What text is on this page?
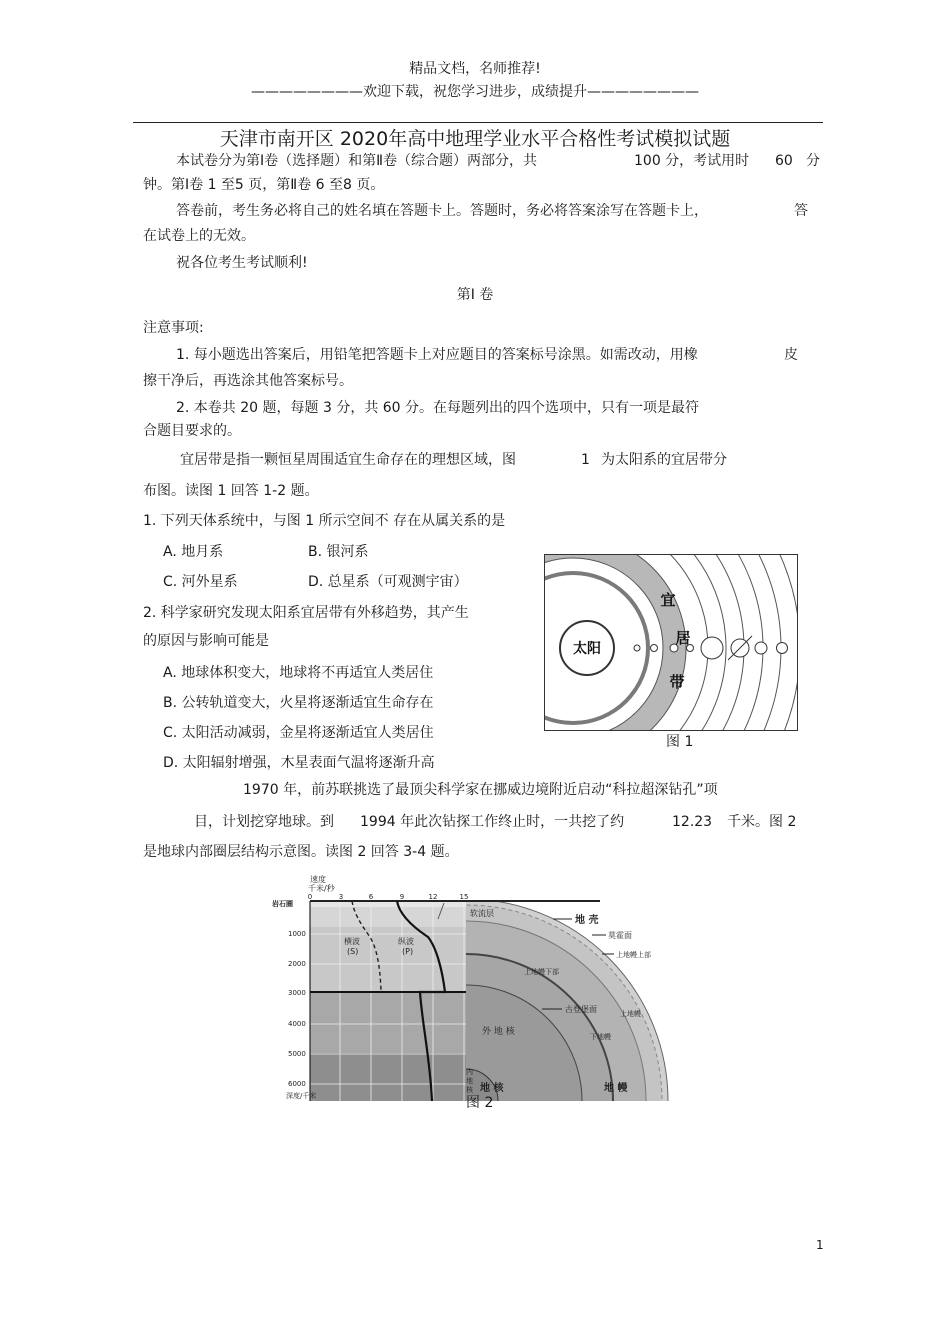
精品文档，名师推荐!
————————欢迎下载，祝您学习进步，成绩提升————————
天津市南开区 2020年高中地理学业水平合格性考试模拟试题
本试卷分为第Ⅰ卷（选择题）和第Ⅱ卷（综合题）两部分，共	100 分，考试用时 60 分
钟。第Ⅰ卷 1 至5 页，第Ⅱ卷 6 至8 页。
答卷前，考生务必将自己的姓名填在答题卡上。答题时，务必将答案涂写在答题卡上，	答
在试卷上的无效。
祝各位考生考试顺利!
第Ⅰ 卷
注意事项:
1. 每小题选出答案后，用铅笔把答题卡上对应题目的答案标号涂黑。如需改动，用橡	皮
擦干净后，再选涂其他答案标号。
2. 本卷共 20 题，每题 3 分，共 60 分。在每题列出的四个选项中，只有一项是最符
合题目要求的。
宜居带是指一颗恒星周围适宜生命存在的理想区域，图	1 为太阳系的宜居带分
布图。读图 1 回答 1-2 题。
1. 下列天体系统中，与图 1 所示空间不 存在从属关系的是
A. 地月系	B. 银河系
C. 河外星系	D. 总星系（可观测宇宙）
2. 科学家研究发现太阳系宜居带有外移趋势，其产生
的原因与影响可能是
A. 地球体积变大，地球将不再适宜人类居住
B. 公转轨道变大，火星将逐渐适宜生命存在
C. 太阳活动减弱，金星将逐渐适宜人类居住
D. 太阳辐射增强，木星表面气温将逐渐升高
太阳
宜
居
带
图 1
1970 年，前苏联挑选了最顶尖科学家在挪威边境附近启动“科拉超深钻孔”项
目，计划挖穿地球。到 1994 年此次钻探工作终止时，一共挖了约	12.23 千米。图 2
是地球内部圈层结构示意图。读图 2 回答 3-4 题。
速度
千米/秒
0	3	6	9	12	15
岩石圈
1000
2000
3000
4000
5000
6000
深度/千米
横波
(S)
纵波
(P)
软流层
地 壳
莫霍面
上地幔上部
上地幔下部
上地幔
古登堡面
下地幔
外 地 核
内
地
核 地 核	地 幔
图 2
1
